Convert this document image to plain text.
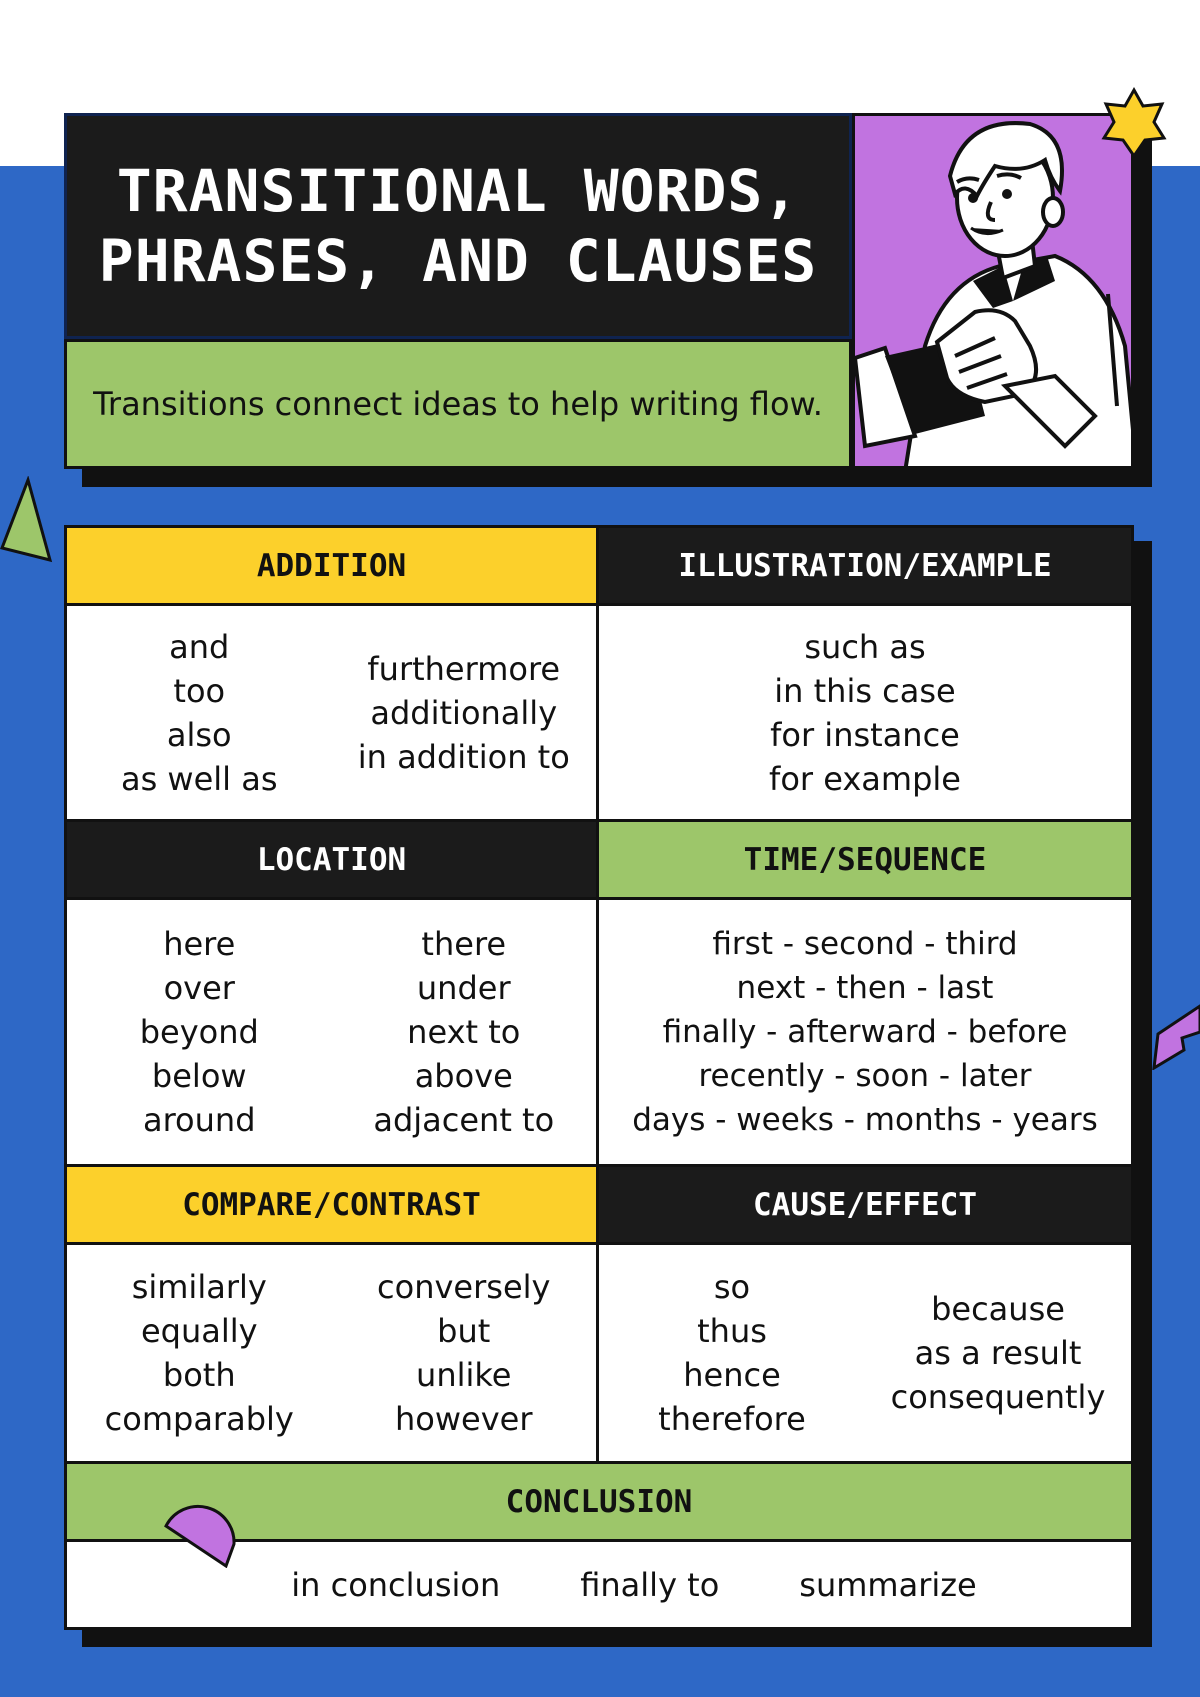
TRANSITIONAL WORDS,
PHRASES, AND CLAUSES
Transitions connect ideas to help writing flow.
ADDITION
and
too
also
as well as
furthermore
additionally
in addition to
ILLUSTRATION/EXAMPLE
such as
in this case
for instance
for example
LOCATION
here
over
beyond
below
around
there
under
next to
above
adjacent to
TIME/SEQUENCE
first - second - third
next - then - last
finally - afterward - before
recently - soon - later
days - weeks - months - years
COMPARE/CONTRAST
similarly
equally
both
comparably
conversely
but
unlike
however
CAUSE/EFFECT
so
thus
hence
therefore
because
as a result
consequently
CONCLUSION
in conclusion	finally to	summarize
